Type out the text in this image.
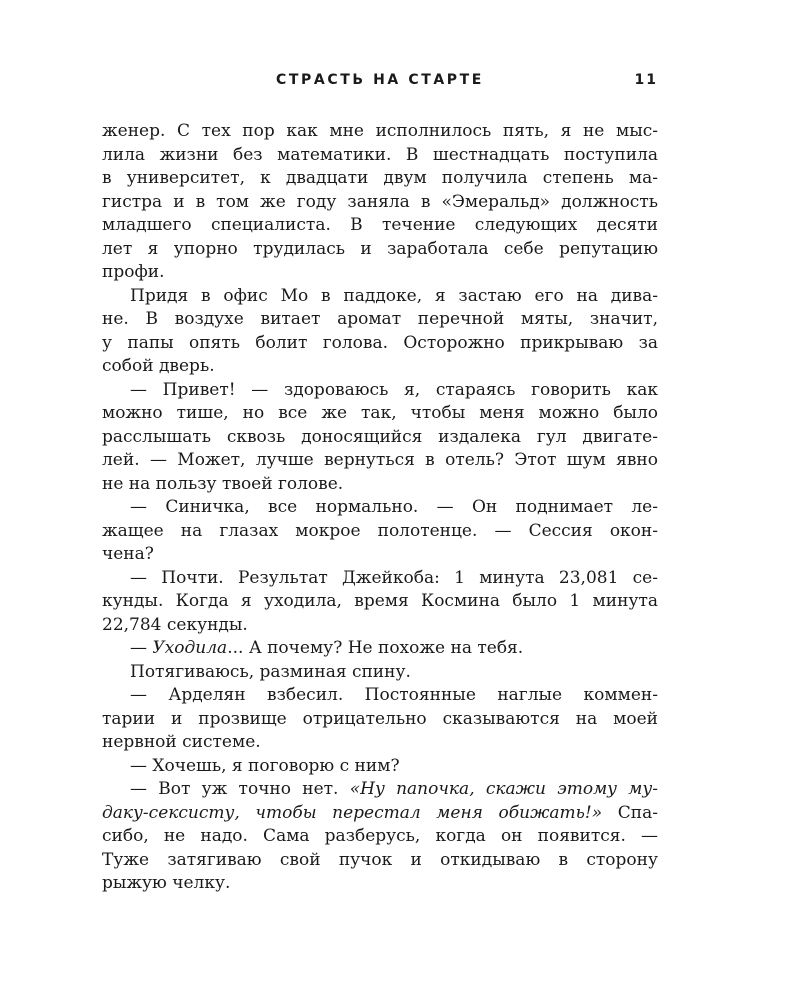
СТРАСТЬ НА СТАРТЕ	11
женер. С тех пор как мне исполнилось пять, я не мыс-
лила жизни без математики. В шестнадцать поступила
в университет, к двадцати двум получила степень ма-
гистра и в том же году заняла в «Эмеральд» должность
младшего специалиста. В течение следующих десяти
лет я упорно трудилась и заработала себе репутацию
профи.
Придя в офис Мо в паддоке, я застаю его на дива-
не. В воздухе витает аромат перечной мяты, значит,
у папы опять болит голова. Осторожно прикрываю за
собой дверь.
— Привет! — здороваюсь я, стараясь говорить как
можно тише, но все же так, чтобы меня можно было
расслышать сквозь доносящийся издалека гул двигате-
лей. — Может, лучше вернуться в отель? Этот шум явно
не на пользу твоей голове.
— Синичка, все нормально. — Он поднимает ле-
жащее на глазах мокрое полотенце. — Сессия окон-
чена?
— Почти. Результат Джейкоба: 1 минута 23,081 се-
кунды. Когда я уходила, время Космина было 1 минута
22,784 секунды.
— Уходила... А почему? Не похоже на тебя.
Потягиваюсь, разминая спину.
— Арделян взбесил. Постоянные наглые коммен-
тарии и прозвище отрицательно сказываются на моей
нервной системе.
— Хочешь, я поговорю с ним?
— Вот уж точно нет. «Ну папочка, скажи этому му-
даку-сексисту, чтобы перестал меня обижать!» Спа-
сибо, не надо. Сама разберусь, когда он появится. —
Туже затягиваю свой пучок и откидываю в сторону
рыжую челку.
